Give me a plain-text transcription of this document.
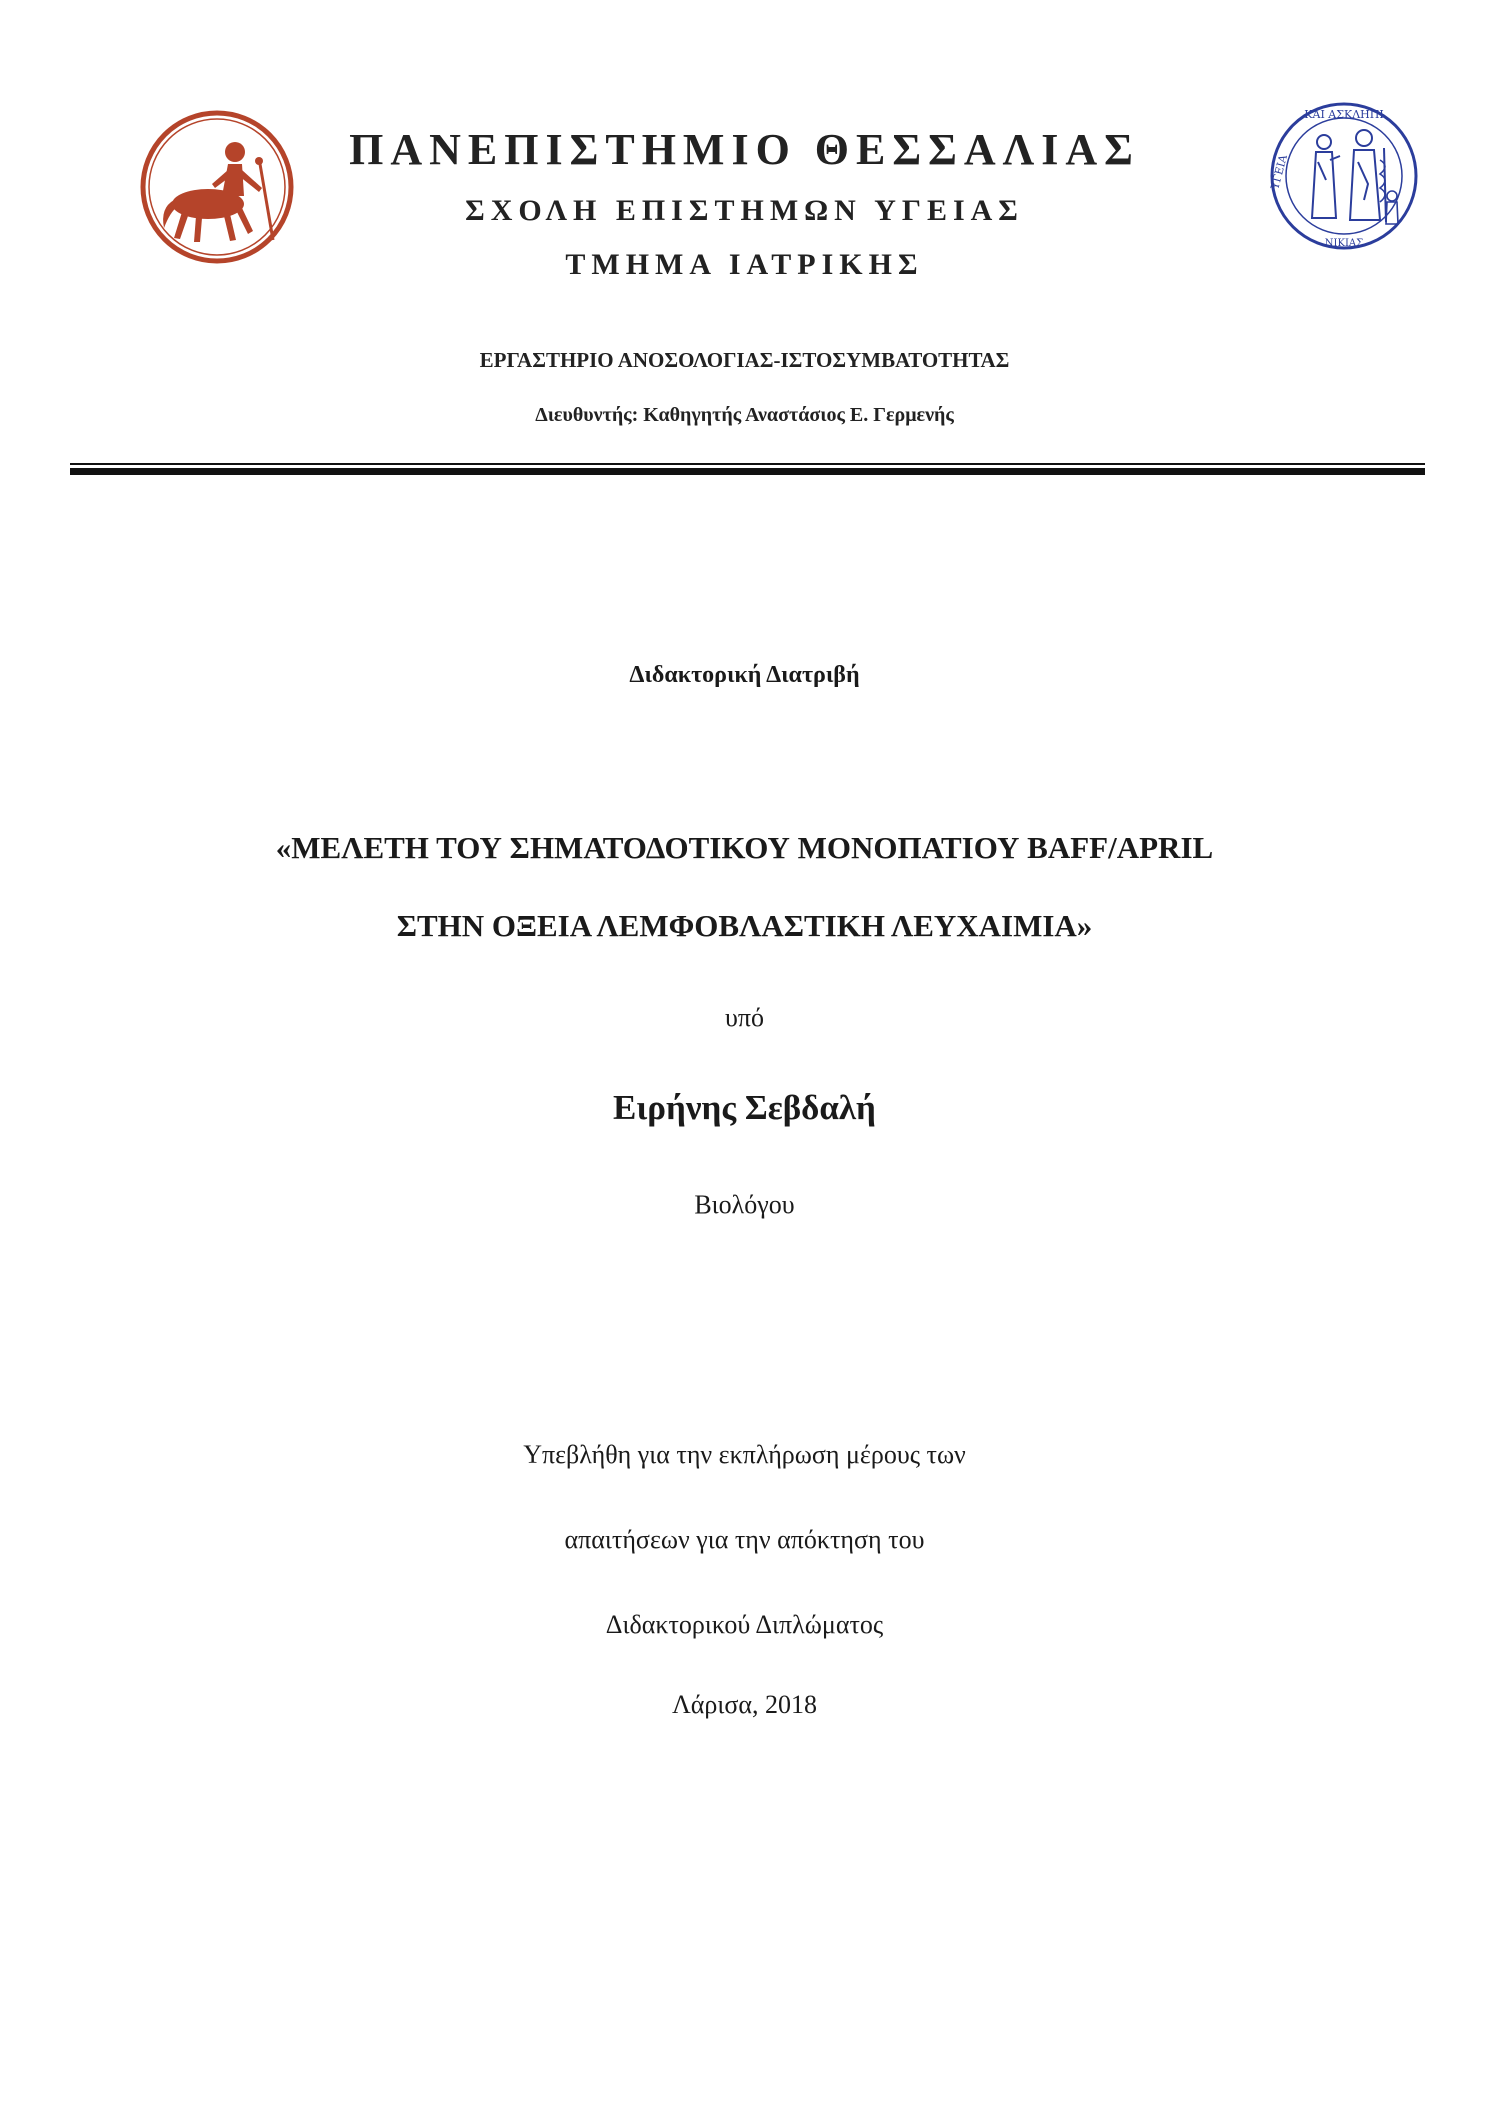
ΚΑΙ ΑΣΚΛΗΠΙ
ΥΓΕΙΑ
ΝΙΚΙΑΣ
ΠΑΝΕΠΙΣΤΗΜΙΟ ΘΕΣΣΑΛΙΑΣ
ΣΧΟΛΗ ΕΠΙΣΤΗΜΩΝ ΥΓΕΙΑΣ
ΤΜΗΜΑ ΙΑΤΡΙΚΗΣ
ΕΡΓΑΣΤΗΡΙΟ ΑΝΟΣΟΛΟΓΙΑΣ-ΙΣΤΟΣΥΜΒΑΤΟΤΗΤΑΣ
Διευθυντής: Καθηγητής Αναστάσιος Ε. Γερμενής
Διδακτορική Διατριβή
«ΜΕΛΕΤΗ ΤΟΥ ΣΗΜΑΤΟΔΟΤΙΚΟΥ ΜΟΝΟΠΑΤΙΟΥ BAFF/APRIL
ΣΤΗΝ ΟΞΕΙΑ ΛΕΜΦΟΒΛΑΣΤΙΚΗ ΛΕΥΧΑΙΜΙΑ»
υπό
Ειρήνης Σεβδαλή
Βιολόγου
Υπεβλήθη για την εκπλήρωση μέρους των
απαιτήσεων για την απόκτηση του
Διδακτορικού Διπλώματος
Λάρισα, 2018
